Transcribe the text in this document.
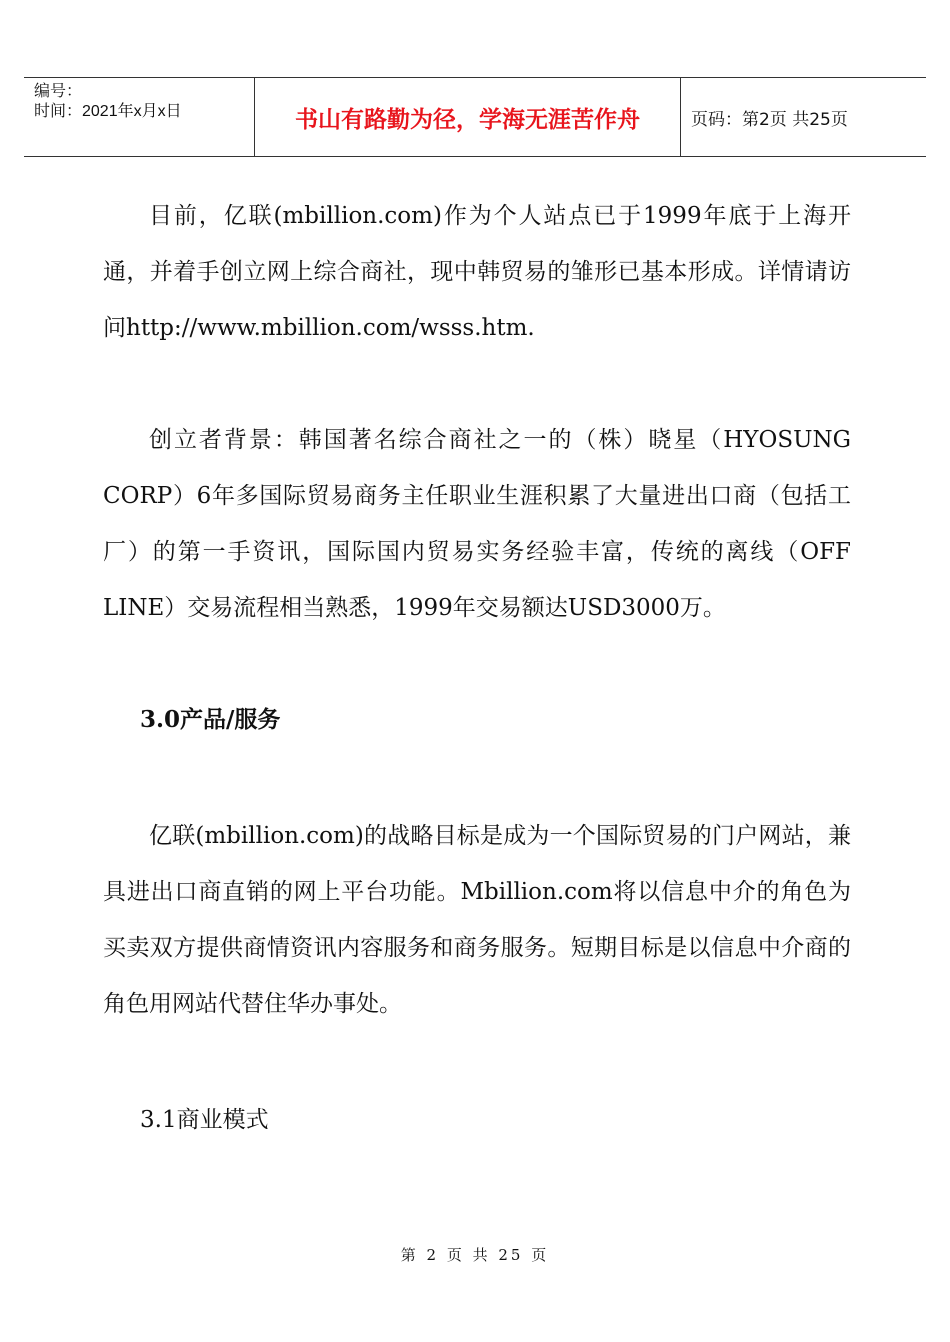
编号：
时间：2021年x月x日	书山有路勤为径，学海无涯苦作舟	页码：第2页 共25页

目前，亿联(mbillion.com)作为个人站点已于1999年底于上海开通，并着手创立网上综合商社，现中韩贸易的雏形已基本形成。详情请访问http://www.mbillion.com/wsss.htm.

创立者背景：韩国著名综合商社之一的（株）晓星（HYOSUNG CORP）6年多国际贸易商务主任职业生涯积累了大量进出口商（包括工厂）的第一手资讯，国际国内贸易实务经验丰富，传统的离线（OFF LINE）交易流程相当熟悉，1999年交易额达USD3000万。

3.0产品/服务

亿联(mbillion.com)的战略目标是成为一个国际贸易的门户网站，兼具进出口商直销的网上平台功能。Mbillion.com将以信息中介的角色为买卖双方提供商情资讯内容服务和商务服务。短期目标是以信息中介商的角色用网站代替住华办事处。

3.1商业模式

第 2 页 共 25 页
